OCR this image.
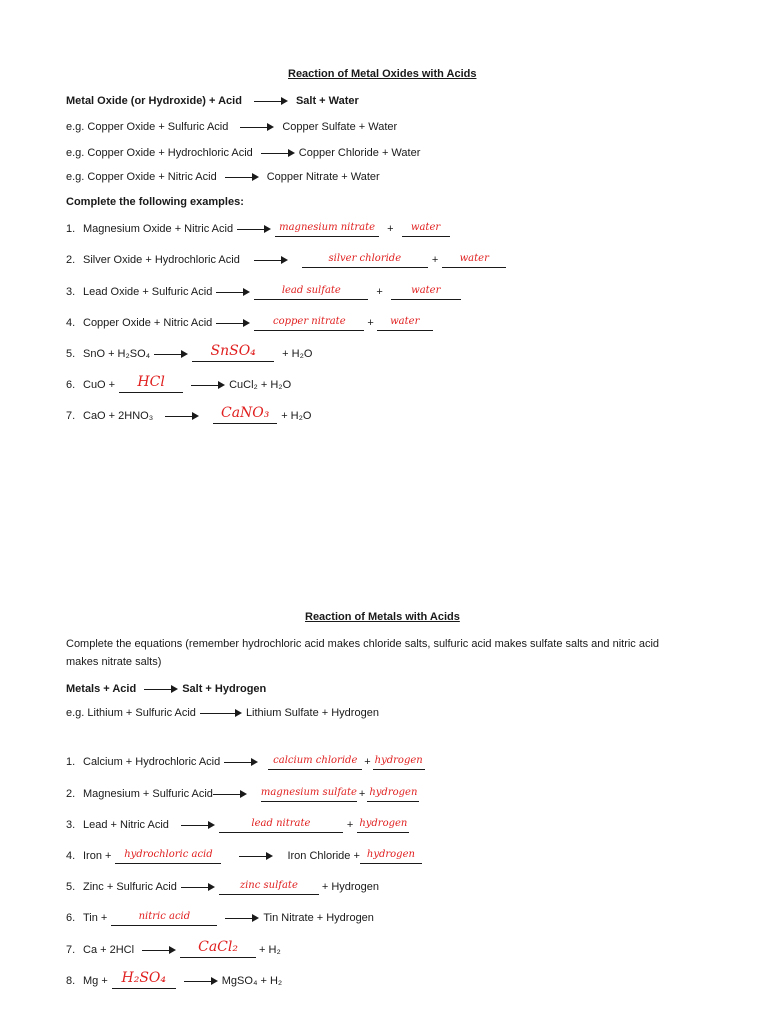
Reaction of Metal Oxides with Acids
Metal Oxide (or Hydroxide) + Acid	Salt + Water
e.g. Copper Oxide + Sulfuric Acid	Copper Sulfate + Water
e.g. Copper Oxide + Hydrochloric Acid	Copper Chloride + Water
e.g. Copper Oxide + Nitric Acid	Copper Nitrate + Water
Complete the following examples:
1. Magnesium Oxide + Nitric Acid	magnesium nitrate	+	water
2. Silver Oxide + Hydrochloric Acid	silver chloride	+	water
3. Lead Oxide + Sulfuric Acid	lead sulfate	+	water
4. Copper Oxide + Nitric Acid	copper nitrate	+	water
5. SnO + H₂SO₄	SnSO₄	+ H₂O
6. CuO +	HCl	CuCl₂ + H₂O
7. CaO + 2HNO₃	CaNO₃	+ H₂O
Reaction of Metals with Acids
Complete the equations (remember hydrochloric acid makes chloride salts, sulfuric acid makes sulfate salts and nitric acid
makes nitrate salts)
Metals + Acid	Salt + Hydrogen
e.g. Lithium + Sulfuric Acid	Lithium Sulfate + Hydrogen
1. Calcium + Hydrochloric Acid	calcium chloride + hydrogen
2. Magnesium + Sulfuric Acid	magnesium sulfate + hydrogen
3. Lead + Nitric Acid	lead nitrate	+ hydrogen
4. Iron +	hydrochloric acid	Iron Chloride + hydrogen
5. Zinc + Sulfuric Acid	zinc sulfate	+ Hydrogen
6. Tin +	nitric acid	Tin Nitrate + Hydrogen
7. Ca + 2HCl	CaCl₂	+ H₂
8. Mg + H₂SO₄	MgSO₄ + H₂
